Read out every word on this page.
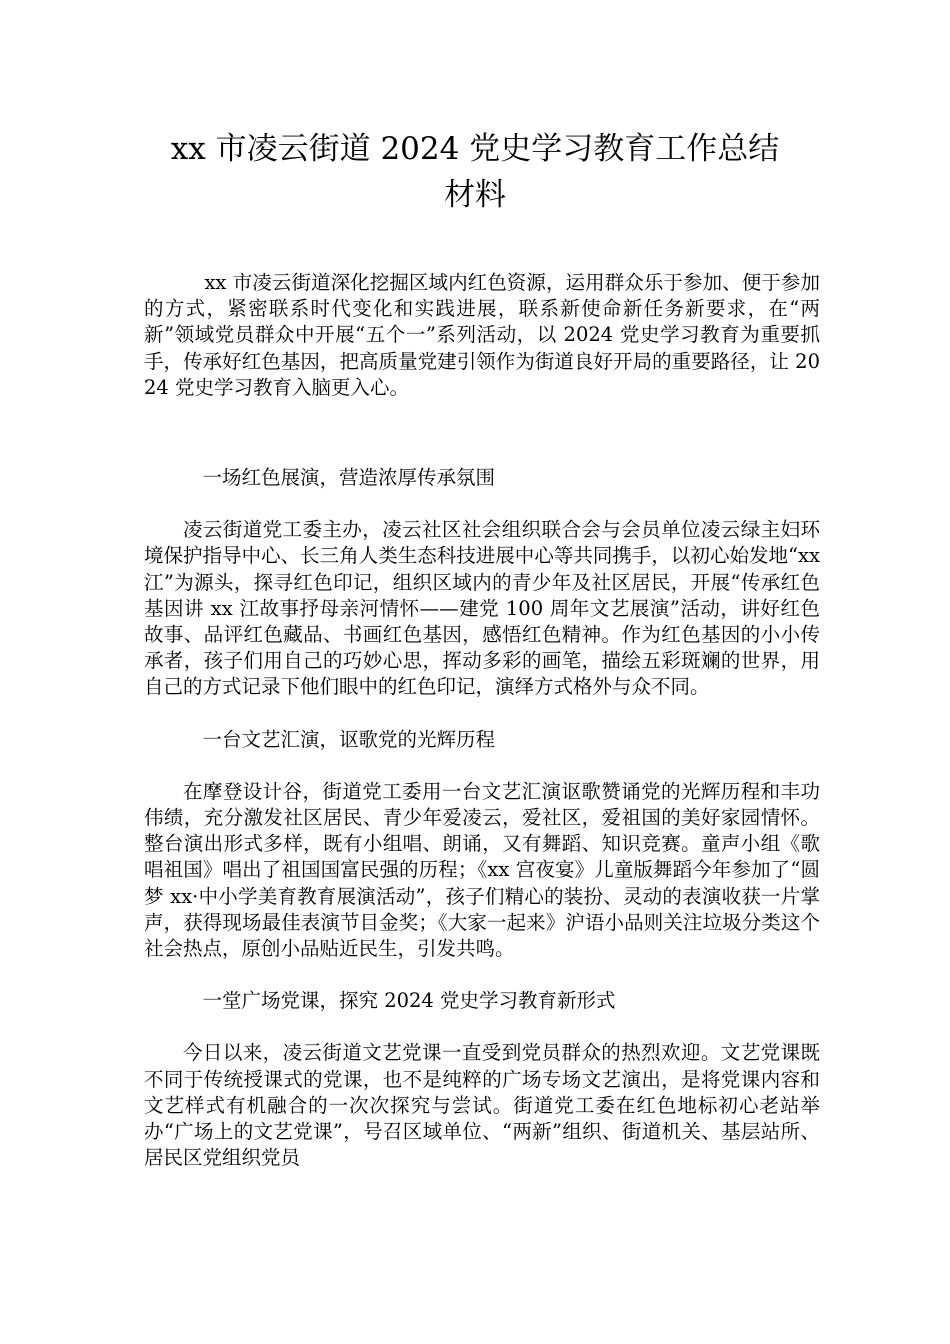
xx 市凌云街道 2024 党史学习教育工作总结
材料

xx 市凌云街道深化挖掘区域内红色资源，运用群众乐于参加、便于参加的方式，紧密联系时代变化和实践进展，联系新使命新任务新要求，在“两新”领域党员群众中开展“五个一”系列活动，以 2024 党史学习教育为重要抓手，传承好红色基因，把高质量党建引领作为街道良好开局的重要路径，让 2024 党史学习教育入脑更入心。

一场红色展演，营造浓厚传承氛围

凌云街道党工委主办，凌云社区社会组织联合会与会员单位凌云绿主妇环境保护指导中心、长三角人类生态科技进展中心等共同携手，以初心始发地“xx 江”为源头，探寻红色印记，组织区域内的青少年及社区居民，开展“传承红色基因讲 xx 江故事抒母亲河情怀——建党 100 周年文艺展演”活动，讲好红色故事、品评红色藏品、书画红色基因，感悟红色精神。作为红色基因的小小传承者，孩子们用自己的巧妙心思，挥动多彩的画笔，描绘五彩斑斓的世界，用自己的方式记录下他们眼中的红色印记，演绎方式格外与众不同。

一台文艺汇演，讴歌党的光辉历程

在摩登设计谷，街道党工委用一台文艺汇演讴歌赞诵党的光辉历程和丰功伟绩，充分激发社区居民、青少年爱凌云，爱社区，爱祖国的美好家园情怀。整台演出形式多样，既有小组唱、朗诵，又有舞蹈、知识竞赛。童声小组《歌唱祖国》唱出了祖国国富民强的历程；《xx 宫夜宴》儿童版舞蹈今年参加了“圆梦 xx·中小学美育教育展演活动”，孩子们精心的装扮、灵动的表演收获一片掌声，获得现场最佳表演节目金奖；《大家一起来》沪语小品则关注垃圾分类这个社会热点，原创小品贴近民生，引发共鸣。

一堂广场党课，探究 2024 党史学习教育新形式

今日以来，凌云街道文艺党课一直受到党员群众的热烈欢迎。文艺党课既不同于传统授课式的党课，也不是纯粹的广场专场文艺演出，是将党课内容和文艺样式有机融合的一次次探究与尝试。街道党工委在红色地标初心老站举办“广场上的文艺党课”，号召区域单位、“两新”组织、街道机关、基层站所、居民区党组织党员
